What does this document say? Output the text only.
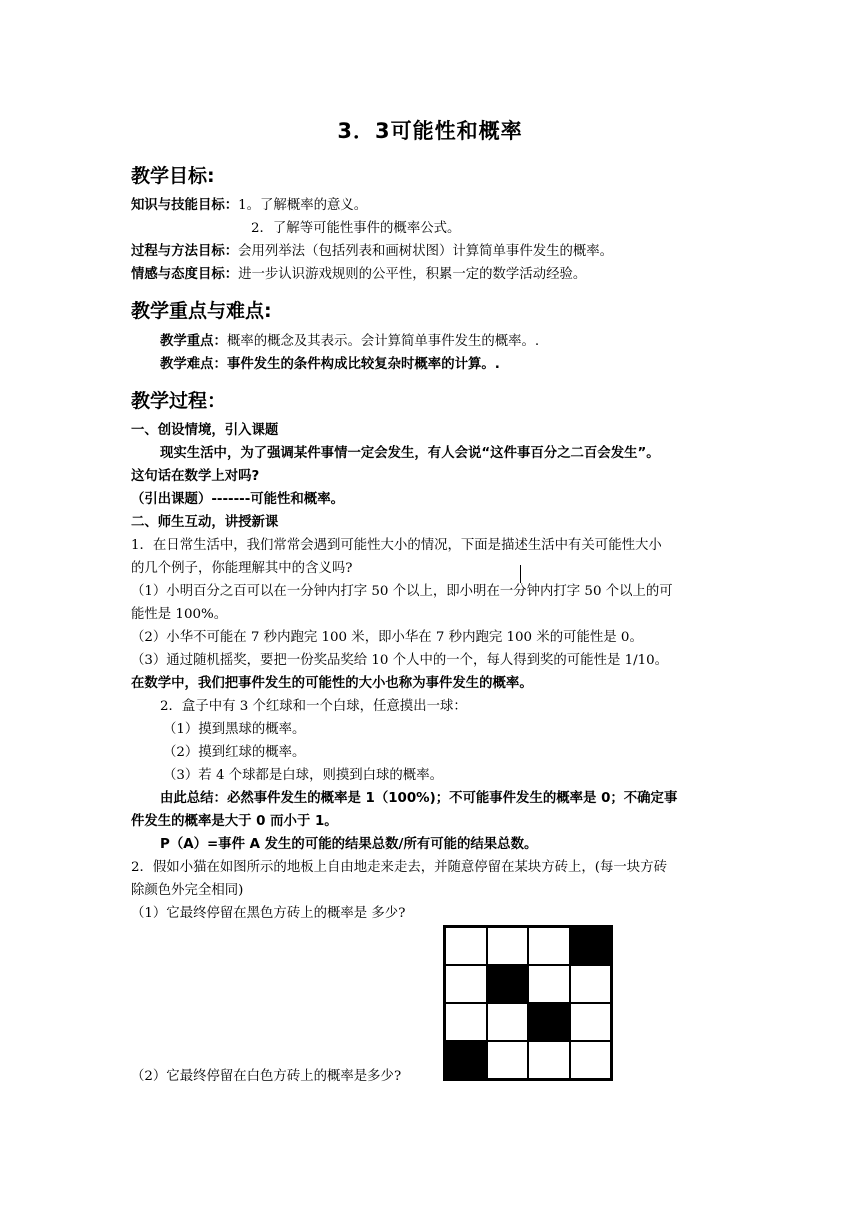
3．3可能性和概率
教学目标:
知识与技能目标：1。了解概率的意义。
2．了解等可能性事件的概率公式。
过程与方法目标：会用列举法（包括列表和画树状图）计算简单事件发生的概率。
情感与态度目标：进一步认识游戏规则的公平性，积累一定的数学活动经验。
教学重点与难点:
教学重点：概率的概念及其表示。会计算简单事件发生的概率。.
教学难点：事件发生的条件构成比较复杂时概率的计算。.
教学过程：
一、创设情境，引入课题
现实生活中，为了强调某件事情一定会发生，有人会说“这件事百分之二百会发生”。
这句话在数学上对吗?
（引出课题）-------可能性和概率。
二、师生互动，讲授新课
1．在日常生活中，我们常常会遇到可能性大小的情况，下面是描述生活中有关可能性大小
的几个例子，你能理解其中的含义吗?
（1）小明百分之百可以在一分钟内打字 50 个以上，即小明在一分钟内打字 50 个以上的可
能性是 100%。
（2）小华不可能在 7 秒内跑完 100 米，即小华在 7 秒内跑完 100 米的可能性是 0。
（3）通过随机摇奖，要把一份奖品奖给 10 个人中的一个，每人得到奖的可能性是 1/10。
在数学中，我们把事件发生的可能性的大小也称为事件发生的概率。
2．盒子中有 3 个红球和一个白球，任意摸出一球：
（1）摸到黑球的概率。
（2）摸到红球的概率。
（3）若 4 个球都是白球，则摸到白球的概率。
由此总结：必然事件发生的概率是 1（100%)；不可能事件发生的概率是 0；不确定事
件发生的概率是大于 0 而小于 1。
P（A）=事件 A 发生的可能的结果总数/所有可能的结果总数。
2．假如小猫在如图所示的地板上自由地走来走去，并随意停留在某块方砖上，(每一块方砖
除颜色外完全相同)
（1）它最终停留在黑色方砖上的概率是 多少?
（2）它最终停留在白色方砖上的概率是多少?
